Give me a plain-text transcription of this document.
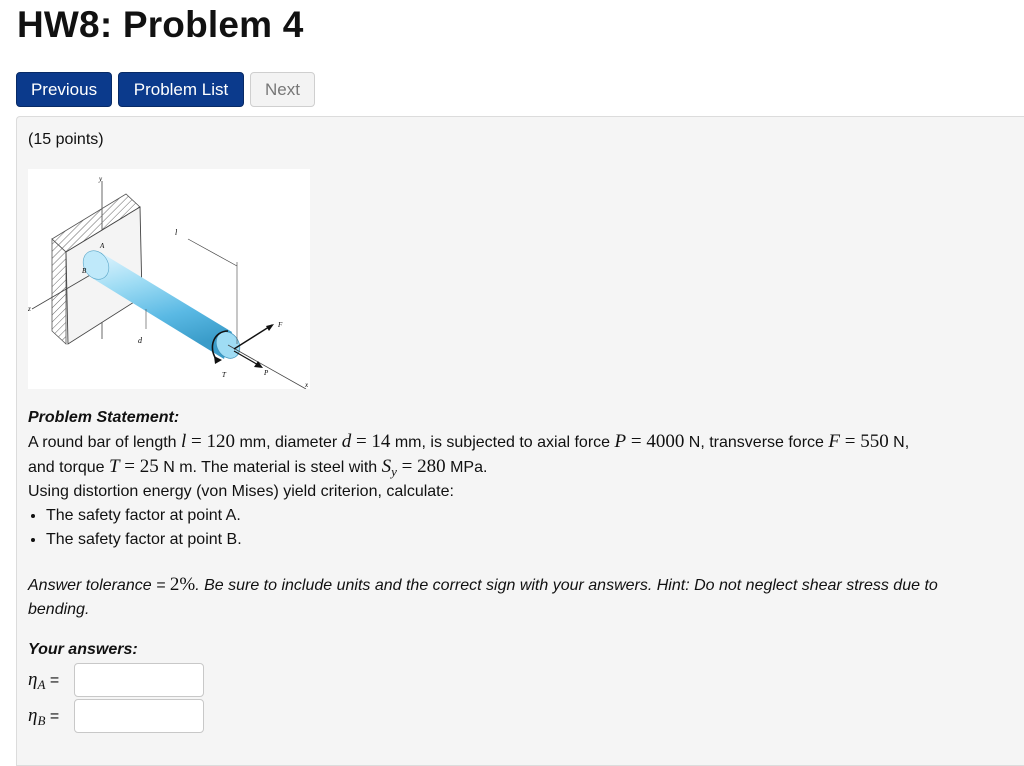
HW8: Problem 4
Previous	Problem List	Next
(15 points)
y
z
x
l
A
B
d
T
F
P
Problem Statement:
A round bar of length l = 120 mm, diameter d = 14 mm, is subjected to axial force P = 4000 N, transverse force F = 550 N,
and torque T = 25 N m. The material is steel with $S_y = 280$ MPa.
Using distortion energy (von Mises) yield criterion, calculate:
• The safety factor at point A.
• The safety factor at point B.
Answer tolerance = 2%. Be sure to include units and the correct sign with your answers. Hint: Do not neglect shear stress due to bending.
Your answers:
$\eta_A$ =
$\eta_B$ =
